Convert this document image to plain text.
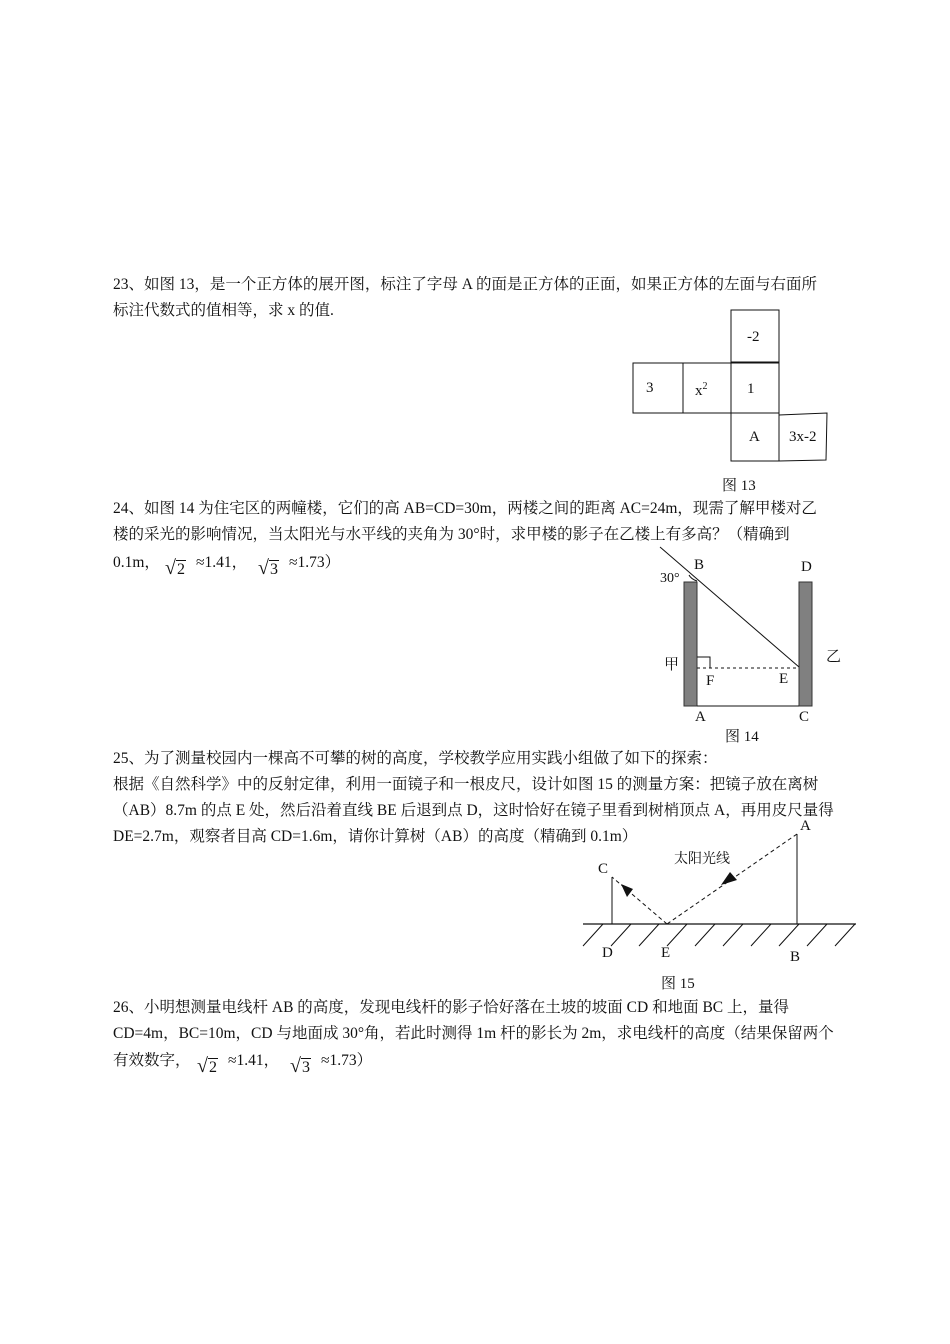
23、如图 13，是一个正方体的展开图，标注了字母 A 的面是正方体的正面，如果正方体的左面与右面所
标注代数式的值相等，求 x 的值.
-2
3	$x^2$	1
A 3x-2
图 13
24、如图 14 为住宅区的两幢楼，它们的高 AB=CD=30m，两楼之间的距离 AC=24m，现需了解甲楼对乙
楼的采光的影响情况，当太阳光与水平线的夹角为 30°时，求甲楼的影子在乙楼上有多高？（精确到
0.1m， √2 ≈1.41， √3 ≈1.73）	B	D
30°
甲	乙
F	E
A	C
图 14
25、为了测量校园内一棵高不可攀的树的高度，学校教学应用实践小组做了如下的探索：
根据《自然科学》中的反射定律，利用一面镜子和一根皮尺，设计如图 15 的测量方案：把镜子放在离树
（AB）8.7m 的点 E 处，然后沿着直线 BE 后退到点 D，这时恰好在镜子里看到树梢顶点 A，再用皮尺量得
DE=2.7m，观察者目高 CD=1.6m，请你计算树（AB）的高度（精确到 0.1m）
C
A
太阳光线
D	E	B
图 15
26、小明想测量电线杆 AB 的高度，发现电线杆的影子恰好落在土坡的坡面 CD 和地面 BC 上，量得
CD=4m，BC=10m，CD 与地面成 30°角，若此时测得 1m 杆的影长为 2m，求电线杆的高度（结果保留两个
有效数字， √2 ≈1.41， √3 ≈1.73）
